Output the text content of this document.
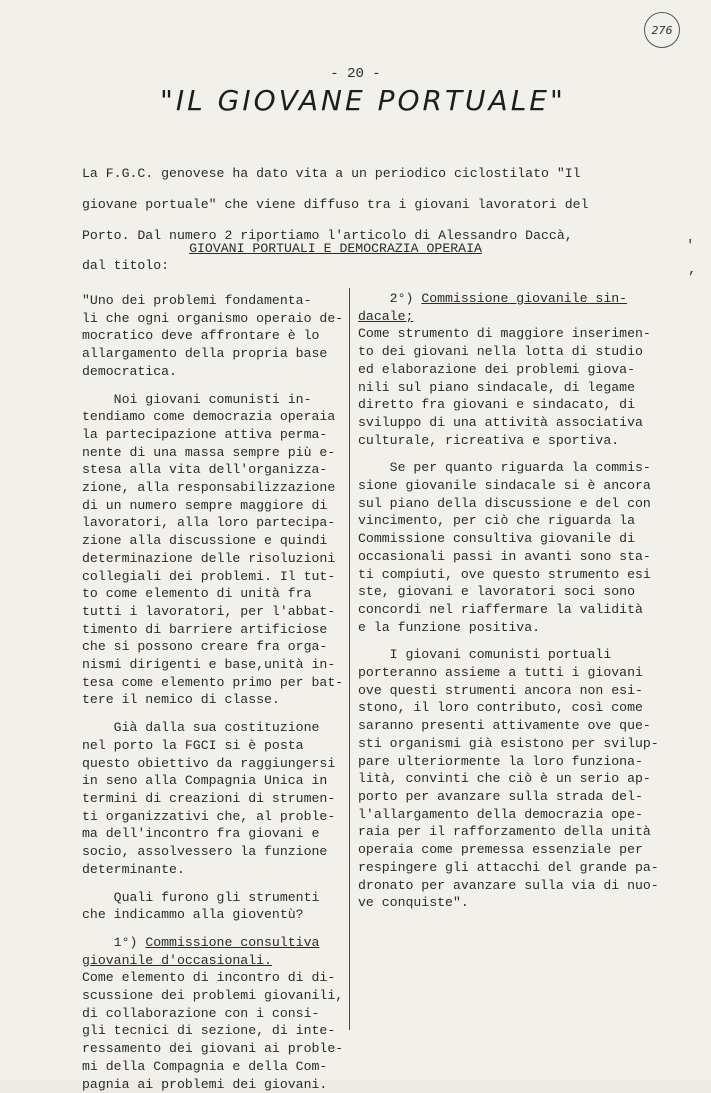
276
- 20 -
"IL GIOVANE PORTUALE"

La F.G.C. genovese ha dato vita a un periodico ciclostilato "Il

giovane portuale" che viene diffuso tra i giovani lavoratori del

Porto. Dal numero 2 riportiamo l'articolo di Alessandro Daccà,

dal titolo:

GIOVANI PORTUALI E DEMOCRAZIA OPERAIA	'
,

"Uno dei problemi fondamenta-

li che ogni organismo operaio de-

mocratico deve affrontare è lo

allargamento della propria base

democratica.

Noi giovani comunisti in-

tendiamo come democrazia operaia

la partecipazione attiva perma-

nente di una massa sempre più e-

stesa alla vita dell'organizza-

zione, alla responsabilizzazione

di un numero sempre maggiore di

lavoratori, alla loro partecipa-

zione alla discussione e quindi

determinazione delle risoluzioni

collegiali dei problemi. Il tut-

to come elemento di unità fra

tutti i lavoratori, per l'abbat-

timento di barriere artificiose

che si possono creare fra orga-

nismi dirigenti e base,unità in-

tesa come elemento primo per bat-

tere il nemico di classe.

Già dalla sua costituzione

nel porto la FGCI si è posta

questo obiettivo da raggiungersi

in seno alla Compagnia Unica in

termini di creazioni di strumen-

ti organizzativi che, al proble-

ma dell'incontro fra giovani e

socio, assolvessero la funzione

determinante.

Quali furono gli strumenti

che indicammo alla gioventù?

1°) Commissione consultiva

giovanile d'occasionali.

Come elemento di incontro di di-

scussione dei problemi giovanili,

di collaborazione con i consi-

gli tecnici di sezione, di inte-

ressamento dei giovani ai proble-

mi della Compagnia e della Com-

pagnia ai problemi dei giovani.

2°) Commissione giovanile sin-

dacale;

Come strumento di maggiore inserimen-

to dei giovani nella lotta di studio

ed elaborazione dei problemi giova-

nili sul piano sindacale, di legame

diretto fra giovani e sindacato, di

sviluppo di una attività associativa

culturale, ricreativa e sportiva.

Se per quanto riguarda la commis-

sione giovanile sindacale si è ancora

sul piano della discussione e del con

vincimento, per ciò che riguarda la

Commissione consultiva giovanile di

occasionali passi in avanti sono sta-

ti compiuti, ove questo strumento esi

ste, giovani e lavoratori soci sono

concordi nel riaffermare la validità

e la funzione positiva.

I giovani comunisti portuali

porteranno assieme a tutti i giovani

ove questi strumenti ancora non esi-

stono, il loro contributo, così come

saranno presenti attivamente ove que-

sti organismi già esistono per svilup-

pare ulteriormente la loro funziona-

lità, convinti che ciò è un serio ap-

porto per avanzare sulla strada del-

l'allargamento della democrazia ope-

raia per il rafforzamento della unità

operaia come premessa essenziale per

respingere gli attacchi del grande pa-

dronato per avanzare sulla via di nuo-

ve conquiste".
